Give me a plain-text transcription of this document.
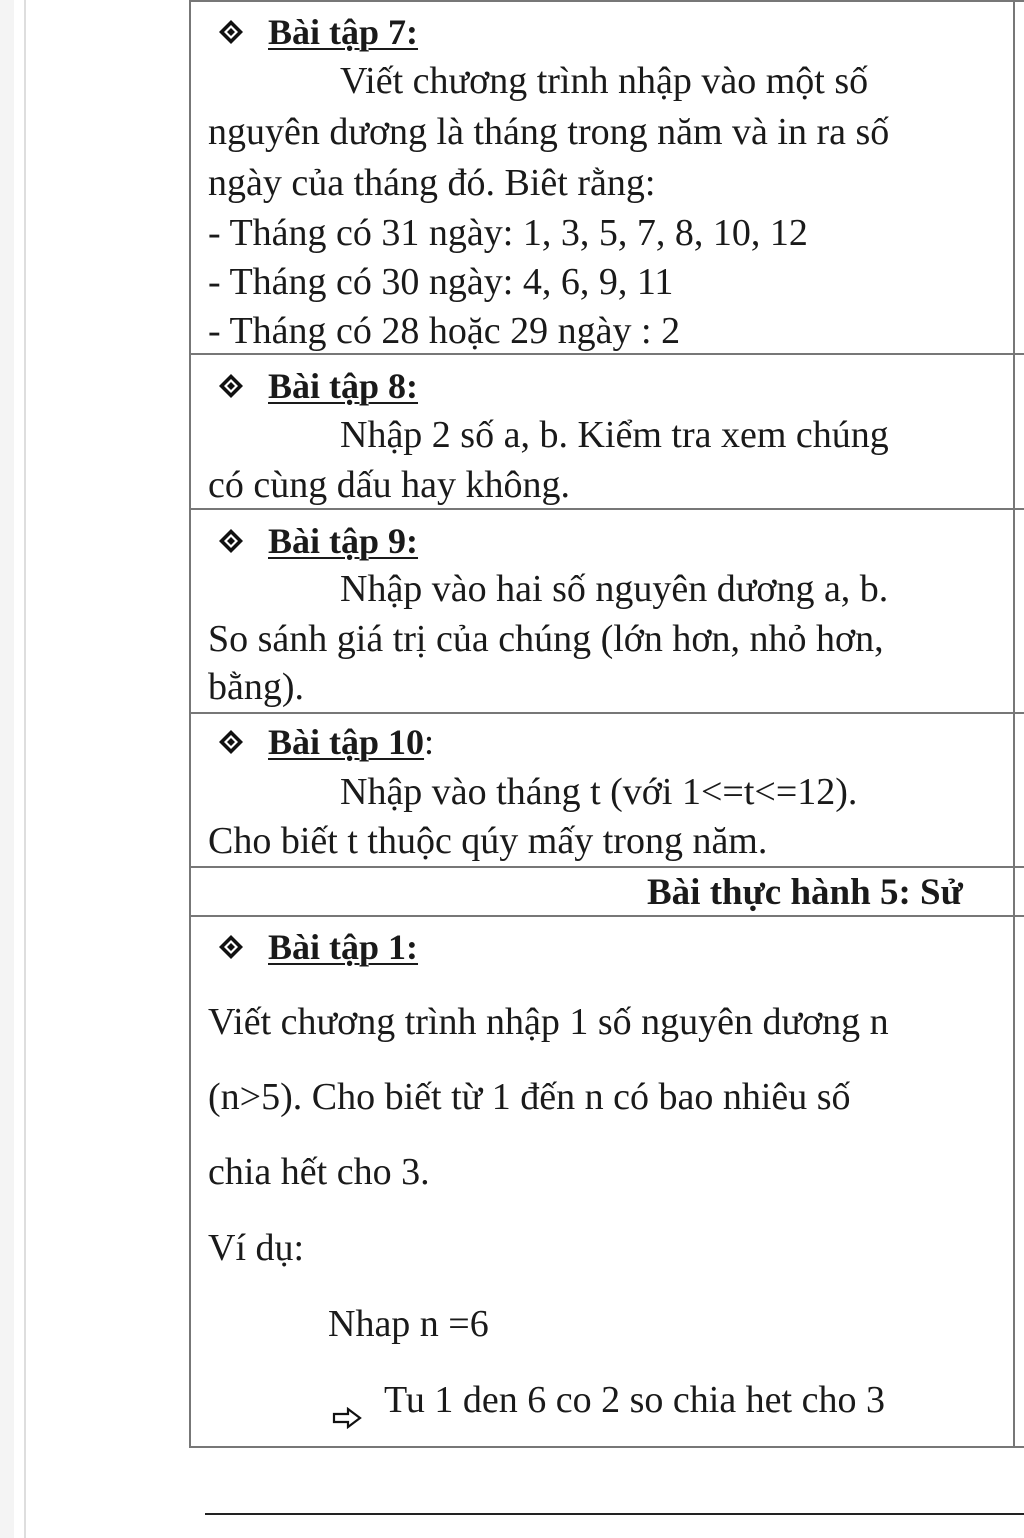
Bài tập 7:
Viết chương trình nhập vào một số
nguyên dương là tháng trong năm và in ra số
ngày của tháng đó. Biêt rằng:
- Tháng có 31 ngày: 1, 3, 5, 7, 8, 10, 12
- Tháng có 30 ngày: 4, 6, 9, 11
- Tháng có 28 hoặc 29 ngày : 2
Bài tập 8:
Nhập 2 số a, b. Kiểm tra xem chúng
có cùng dấu hay không.
Bài tập 9:
Nhập vào hai số nguyên dương a, b.
So sánh giá trị của chúng (lớn hơn, nhỏ hơn,
bằng).
Bài tập 10 :
Nhập vào tháng t (với 1<=t<=12).
Cho biết t thuộc qúy mấy trong năm.
Bài thực hành 5: Sử
Bài tập 1:
Viết chương trình nhập 1 số nguyên dương n
(n>5). Cho biết từ 1 đến n có bao nhiêu số
chia hết cho 3.
Ví dụ:
Nhap n =6
Tu 1 den 6 co 2 so chia het cho 3
